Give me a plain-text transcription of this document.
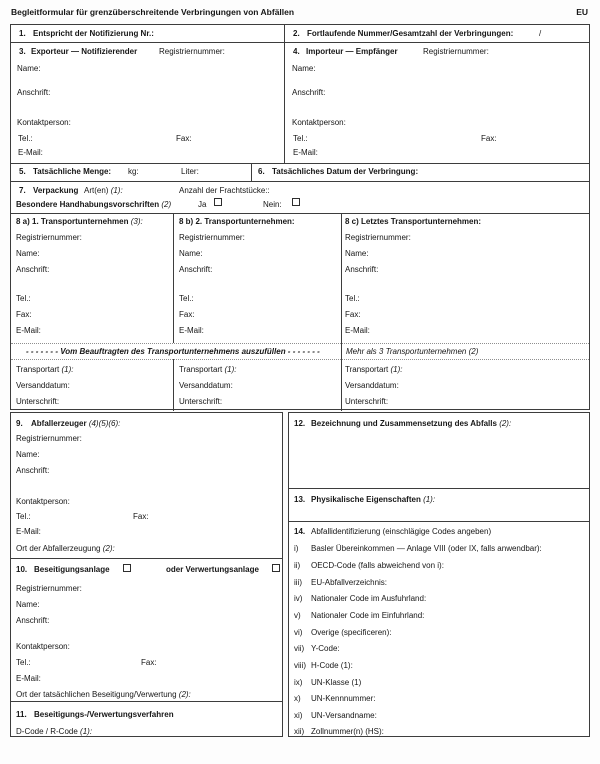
Begleitformular für grenzüberschreitende Verbringungen von Abfällen	EU
1. Entspricht der Notifizierung Nr.:	2. Fortlaufende Nummer/Gesamtzahl der Verbringungen:	/
3. Exporteur — Notifizierender	Registriernummer:
Name:
Anschrift:
Kontaktperson:
Tel.:	Fax:
E-Mail:
4. Importeur — Empfänger	Registriernummer:
Name:
Anschrift:
Kontaktperson:
Tel.:	Fax:
E-Mail:
5. Tatsächliche Menge: kg:	Liter:	6. Tatsächliches Datum der Verbringung:
7. Verpackung Art(en) (1):	Anzahl der Frachtstücke::
Besondere Handhabungsvorschriften (2)	Ja	Nein:
8 a) 1. Transportunternehmen (3):	8 b) 2. Transportunternehmen:	8 c) Letztes Transportunternehmen:
Registriernummer:	Registriernummer:	Registriernummer:
Name:	Name:	Name:
Anschrift:	Anschrift:	Anschrift:
Tel.:	Tel.:	Tel.:
Fax:	Fax:	Fax:
E-Mail:	E-Mail:	E-Mail:
- - - - - - - Vom Beauftragten des Transportunternehmens auszufüllen - - - - - - -	Mehr als 3 Transportunternehmen (2)
Transportart (1):	Transportart (1):	Transportart (1):
Versanddatum:	Versanddatum:	Versanddatum:
Unterschrift:	Unterschrift:	Unterschrift:
9. Abfallerzeuger (4)(5)(6):
Registriernummer:
Name:
Anschrift:
Kontaktperson:
Tel.:	Fax:
E-Mail:
Ort der Abfallerzeugung (2):
10. Beseitigungsanlage	oder Verwertungsanlage
Registriernummer:
Name:
Anschrift:
Kontaktperson:
Tel.:	Fax:
E-Mail:
Ort der tatsächlichen Beseitigung/Verwertung (2):
11. Beseitigungs-/Verwertungsverfahren
D-Code / R-Code (1):
12. Bezeichnung und Zusammensetzung des Abfalls (2):
13. Physikalische Eigenschaften (1):
14. Abfallidentifizierung (einschlägige Codes angeben)
i) Basler Übereinkommen — Anlage VIII (oder IX, falls anwendbar):
ii) OECD-Code (falls abweichend von i):
iii) EU-Abfallverzeichnis:
iv) Nationaler Code im Ausfuhrland:
v) Nationaler Code im Einfuhrland:
vi) Overige (specificeren):
vii) Y-Code:
viii) H-Code (1):
ix) UN-Klasse (1)
x) UN-Kennnummer:
xi) UN-Versandname:
xii) Zollnummer(n) (HS):
